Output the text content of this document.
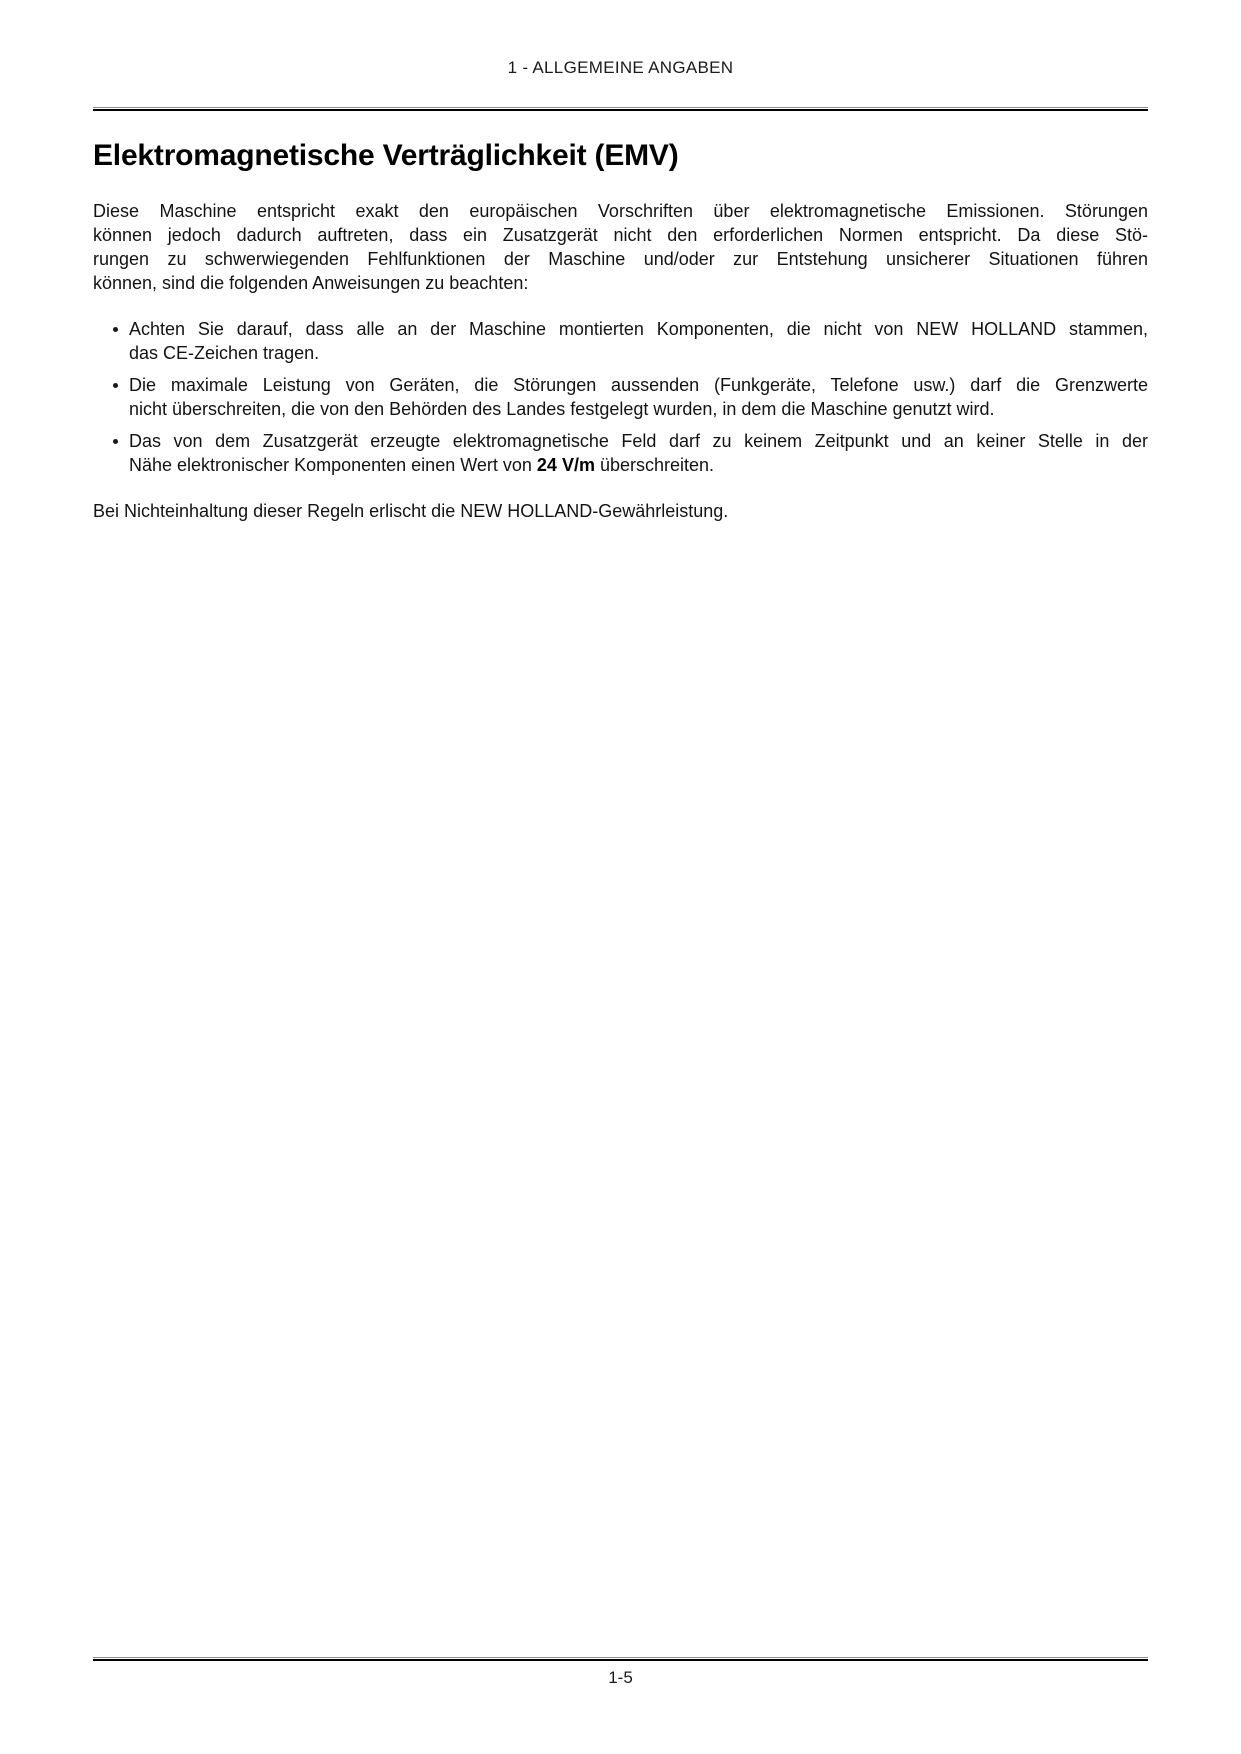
1 - ALLGEMEINE ANGABEN
Elektromagnetische Verträglichkeit (EMV)
Diese Maschine entspricht exakt den europäischen Vorschriften über elektromagnetische Emissionen. Störungen
können jedoch dadurch auftreten, dass ein Zusatzgerät nicht den erforderlichen Normen entspricht. Da diese Stö-
rungen zu schwerwiegenden Fehlfunktionen der Maschine und/oder zur Entstehung unsicherer Situationen führen
können, sind die folgenden Anweisungen zu beachten:
Achten Sie darauf, dass alle an der Maschine montierten Komponenten, die nicht von NEW HOLLAND stammen,
das CE-Zeichen tragen.
Die maximale Leistung von Geräten, die Störungen aussenden (Funkgeräte, Telefone usw.) darf die Grenzwerte
nicht überschreiten, die von den Behörden des Landes festgelegt wurden, in dem die Maschine genutzt wird.
Das von dem Zusatzgerät erzeugte elektromagnetische Feld darf zu keinem Zeitpunkt und an keiner Stelle in der
Nähe elektronischer Komponenten einen Wert von 24 V/m überschreiten.

Bei Nichteinhaltung dieser Regeln erlischt die NEW HOLLAND-Gewährleistung.

1-5
